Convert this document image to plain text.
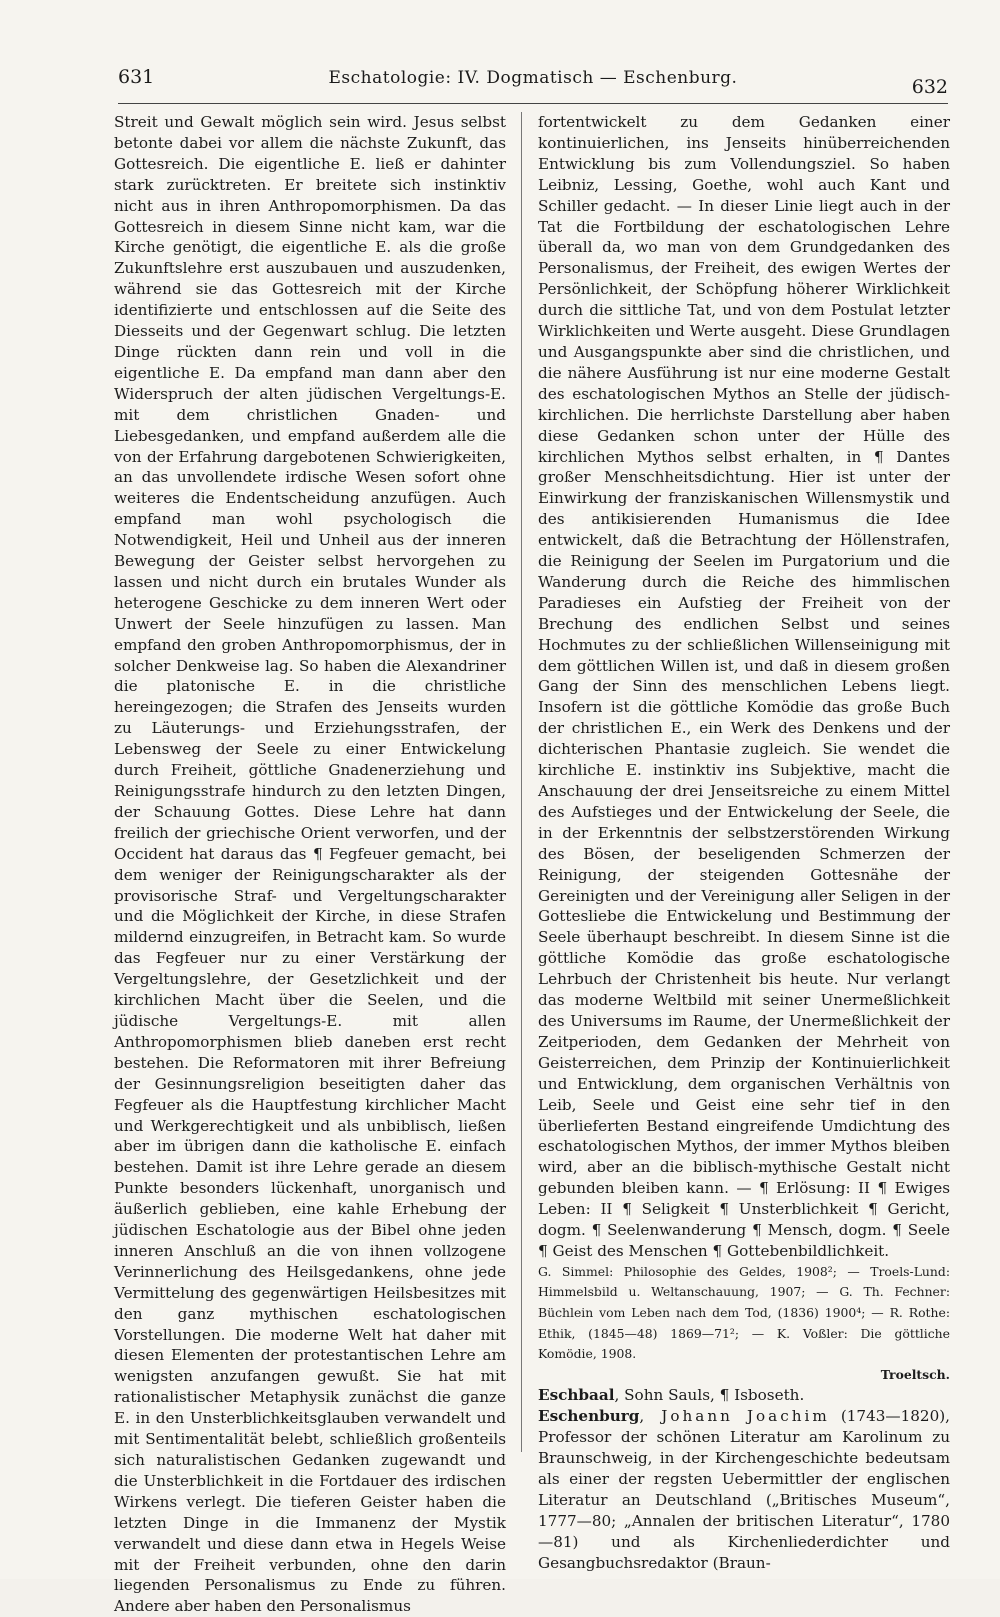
631	Eschatologie: IV. Dogmatisch — Eschenburg.	632

Streit und Gewalt möglich sein wird. Jesus selbst betonte dabei vor allem die nächste Zukunft, das Gottesreich. Die eigentliche E. ließ er dahinter stark zurücktreten. Er breitete sich instinktiv nicht aus in ihren Anthropomorphismen. Da das Gottesreich in diesem Sinne nicht kam, war die Kirche genötigt, die eigentliche E. als die große Zukunftslehre erst auszubauen und auszudenken, während sie das Gottesreich mit der Kirche identifizierte und entschlossen auf die Seite des Diesseits und der Gegenwart schlug. Die letzten Dinge rückten dann rein und voll in die eigentliche E. Da empfand man dann aber den Widerspruch der alten jüdischen Vergeltungs-E. mit dem christlichen Gnaden- und Liebesgedanken, und empfand außerdem alle die von der Erfahrung dargebotenen Schwierigkeiten, an das unvollendete irdische Wesen sofort ohne weiteres die Endentscheidung anzufügen. Auch empfand man wohl psychologisch die Notwendigkeit, Heil und Unheil aus der inneren Bewegung der Geister selbst hervorgehen zu lassen und nicht durch ein brutales Wunder als heterogene Geschicke zu dem inneren Wert oder Unwert der Seele hinzufügen zu lassen. Man empfand den groben Anthropomorphismus, der in solcher Denkweise lag. So haben die Alexandriner die platonische E. in die christliche hereingezogen; die Strafen des Jenseits wurden zu Läuterungs- und Erziehungsstrafen, der Lebensweg der Seele zu einer Entwickelung durch Freiheit, göttliche Gnadenerziehung und Reinigungsstrafe hindurch zu den letzten Dingen, der Schauung Gottes. Diese Lehre hat dann freilich der griechische Orient verworfen, und der Occident hat daraus das ¶ Fegfeuer gemacht, bei dem weniger der Reinigungscharakter als der provisorische Straf- und Vergeltungscharakter und die Möglichkeit der Kirche, in diese Strafen mildernd einzugreifen, in Betracht kam. So wurde das Fegfeuer nur zu einer Verstärkung der Vergeltungslehre, der Gesetzlichkeit und der kirchlichen Macht über die Seelen, und die jüdische Vergeltungs-E. mit allen Anthropomorphismen blieb daneben erst recht bestehen. Die Reformatoren mit ihrer Befreiung der Gesinnungsreligion beseitigten daher das Fegfeuer als die Hauptfestung kirchlicher Macht und Werkgerechtigkeit und als unbiblisch, ließen aber im übrigen dann die katholische E. einfach bestehen. Damit ist ihre Lehre gerade an diesem Punkte besonders lückenhaft, unorganisch und äußerlich geblieben, eine kahle Erhebung der jüdischen Eschatologie aus der Bibel ohne jeden inneren Anschluß an die von ihnen vollzogene Verinnerlichung des Heilsgedankens, ohne jede Vermittelung des gegenwärtigen Heilsbesitzes mit den ganz mythischen eschatologischen Vorstellungen. Die moderne Welt hat daher mit diesen Elementen der protestantischen Lehre am wenigsten anzufangen gewußt. Sie hat mit rationalistischer Metaphysik zunächst die ganze E. in den Unsterblichkeitsglauben verwandelt und mit Sentimentalität belebt, schließlich großenteils sich naturalistischen Gedanken zugewandt und die Unsterblichkeit in die Fortdauer des irdischen Wirkens verlegt. Die tieferen Geister haben die letzten Dinge in die Immanenz der Mystik verwandelt und diese dann etwa in Hegels Weise mit der Freiheit verbunden, ohne den darin liegenden Personalismus zu Ende zu führen. Andere aber haben den Personalismus

fortentwickelt zu dem Gedanken einer kontinuierlichen, ins Jenseits hinüberreichenden Entwicklung bis zum Vollendungsziel. So haben Leibniz, Lessing, Goethe, wohl auch Kant und Schiller gedacht. — In dieser Linie liegt auch in der Tat die Fortbildung der eschatologischen Lehre überall da, wo man von dem Grundgedanken des Personalismus, der Freiheit, des ewigen Wertes der Persönlichkeit, der Schöpfung höherer Wirklichkeit durch die sittliche Tat, und von dem Postulat letzter Wirklichkeiten und Werte ausgeht. Diese Grundlagen und Ausgangspunkte aber sind die christlichen, und die nähere Ausführung ist nur eine moderne Gestalt des eschatologischen Mythos an Stelle der jüdisch-kirchlichen. Die herrlichste Darstellung aber haben diese Gedanken schon unter der Hülle des kirchlichen Mythos selbst erhalten, in ¶ Dantes großer Menschheitsdichtung. Hier ist unter der Einwirkung der franziskanischen Willensmystik und des antikisierenden Humanismus die Idee entwickelt, daß die Betrachtung der Höllenstrafen, die Reinigung der Seelen im Purgatorium und die Wanderung durch die Reiche des himmlischen Paradieses ein Aufstieg der Freiheit von der Brechung des endlichen Selbst und seines Hochmutes zu der schließlichen Willenseinigung mit dem göttlichen Willen ist, und daß in diesem großen Gang der Sinn des menschlichen Lebens liegt. Insofern ist die göttliche Komödie das große Buch der christlichen E., ein Werk des Denkens und der dichterischen Phantasie zugleich. Sie wendet die kirchliche E. instinktiv ins Subjektive, macht die Anschauung der drei Jenseitsreiche zu einem Mittel des Aufstieges und der Entwickelung der Seele, die in der Erkenntnis der selbstzerstörenden Wirkung des Bösen, der beseligenden Schmerzen der Reinigung, der steigenden Gottesnähe der Gereinigten und der Vereinigung aller Seligen in der Gottesliebe die Entwickelung und Bestimmung der Seele überhaupt beschreibt. In diesem Sinne ist die göttliche Komödie das große eschatologische Lehrbuch der Christenheit bis heute. Nur verlangt das moderne Weltbild mit seiner Unermeßlichkeit des Universums im Raume, der Unermeßlichkeit der Zeitperioden, dem Gedanken der Mehrheit von Geisterreichen, dem Prinzip der Kontinuierlichkeit und Entwicklung, dem organischen Verhältnis von Leib, Seele und Geist eine sehr tief in den überlieferten Bestand eingreifende Umdichtung des eschatologischen Mythos, der immer Mythos bleiben wird, aber an die biblisch-mythische Gestalt nicht gebunden bleiben kann. — ¶ Erlösung: II ¶ Ewiges Leben: II ¶ Seligkeit ¶ Unsterblichkeit ¶ Gericht, dogm. ¶ Seelenwanderung ¶ Mensch, dogm. ¶ Seele ¶ Geist des Menschen ¶ Gottebenbildlichkeit.

G. Simmel: Philosophie des Geldes, 1908²; — Troels-Lund: Himmelsbild u. Weltanschauung, 1907; — G. Th. Fechner: Büchlein vom Leben nach dem Tod, (1836) 1900⁴; — R. Rothe: Ethik, (1845—48) 1869—71²; — K. Voßler: Die göttliche Komödie, 1908.

Troeltsch.

Eschbaal, Sohn Sauls, ¶ Isboseth.

Eschenburg, Johann Joachim (1743—1820), Professor der schönen Literatur am Karolinum zu Braunschweig, in der Kirchengeschichte bedeutsam als einer der regsten Uebermittler der englischen Literatur an Deutschland („Britisches Museum“, 1777—80; „Annalen der britischen Literatur“, 1780—81) und als Kirchenliederdichter und Gesangbuchsredaktor (Braun-
